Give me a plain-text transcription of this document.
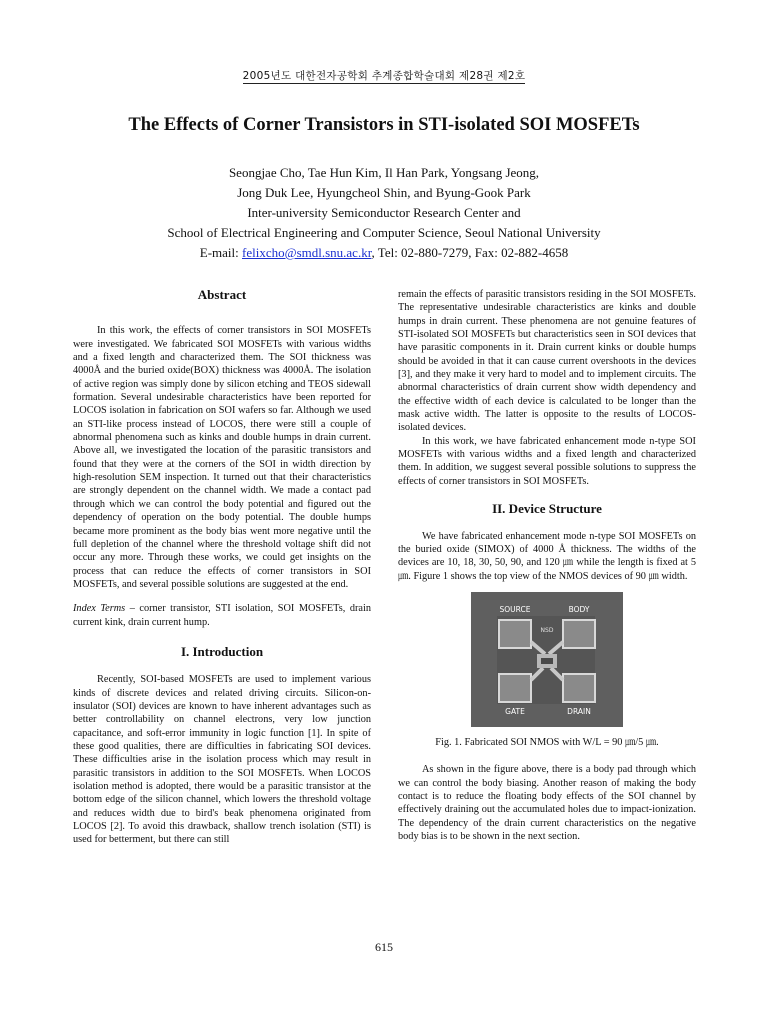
2005년도 대한전자공학회 추계종합학술대회 제28권 제2호
The Effects of Corner Transistors in STI-isolated SOI MOSFETs
Seongjae Cho, Tae Hun Kim, Il Han Park, Yongsang Jeong,
Jong Duk Lee, Hyungcheol Shin, and Byung-Gook Park
Inter-university Semiconductor Research Center and
School of Electrical Engineering and Computer Science, Seoul National University
E-mail: felixcho@smdl.snu.ac.kr, Tel: 02-880-7279, Fax: 02-882-4658
Abstract

In this work, the effects of corner transistors in SOI MOSFETs were investigated. We fabricated SOI MOSFETs with various widths and a fixed length and characterized them. The SOI thickness was 4000Å and the buried oxide(BOX) thickness was 4000Å. The isolation of active region was simply done by silicon etching and TEOS sidewall formation. Several undesirable characteristics have been reported for LOCOS isolation in fabrication on SOI wafers so far. Although we used an STI-like process instead of LOCOS, there were still a couple of abnormal phenomena such as kinks and double humps in drain current. Above all, we investigated the location of the parasitic transistors and found that they were at the corners of the SOI in width direction by high-resolution SEM inspection. It turned out that their characteristics are strongly dependent on the channel width. We made a contact pad through which we can control the body potential and figured out the dependency of operation on the body potential. The double humps became more prominent as the body bias went more negative until the full depletion of the channel where the threshold voltage shift did not occur any more. Through these works, we could get insights on the process that can reduce the effects of corner transistors in SOI MOSFETs, and several possible solutions are suggested at the end.

Index Terms – corner transistor, STI isolation, SOI MOSFETs, drain current kink, drain current hump.

I. Introduction

Recently, SOI-based MOSFETs are used to implement various kinds of discrete devices and related driving circuits. Silicon-on-insulator (SOI) devices are known to have inherent advantages such as better controllability on channel electrons, very low junction capacitance, and soft-error immunity in logic function [1]. In spite of these good qualities, there are difficulties in fabricating SOI devices. These difficulties arise in the isolation process which may result in parasitic transistors in addition to the SOI MOSFETs. When LOCOS isolation method is adopted, there would be a parasitic transistor at the bottom edge of the silicon channel, which lowers the threshold voltage and reduces width due to bird's beak phenomena originated from LOCOS [2]. To avoid this drawback, shallow trench isolation (STI) is used for betterment, but there can still

remain the effects of parasitic transistors residing in the SOI MOSFETs. The representative undesirable characteristics are kinks and double humps in drain current. These phenomena are not genuine features of STI-isolated SOI MOSFETs but characteristics seen in SOI devices that have parasitic components in it. Drain current kinks or double humps should be avoided in that it can cause current overshoots in the devices [3], and they make it very hard to model and to implement circuits. The abnormal characteristics of drain current show width dependency and the effective width of each device is calculated to be longer than the mask active width. The latter is opposite to the results of LOCOS-isolated devices.

In this work, we have fabricated enhancement mode n-type SOI MOSFETs with various widths and a fixed length and characterized them. In addition, we suggest several possible solutions to suppress the effects of corner transistors in SOI MOSFETs.

II. Device Structure

We have fabricated enhancement mode n-type SOI MOSFETs on the buried oxide (SIMOX) of 4000 Å thickness. The widths of the devices are 10, 18, 30, 50, 90, and 120 ㎛ while the length is fixed at 5 ㎛. Figure 1 shows the top view of the NMOS devices of 90 ㎛ width.

SOURCE	BODY
NSD
GATE	DRAIN

Fig. 1. Fabricated SOI NMOS with W/L = 90 ㎛/5 ㎛.

As shown in the figure above, there is a body pad through which we can control the body biasing. Another reason of making the body contact is to reduce the floating body effects of the SOI channel by effectively draining out the accumulated holes due to impact-ionization. The dependency of the drain current characteristics on the negative body bias is to be shown in the next section.

615
